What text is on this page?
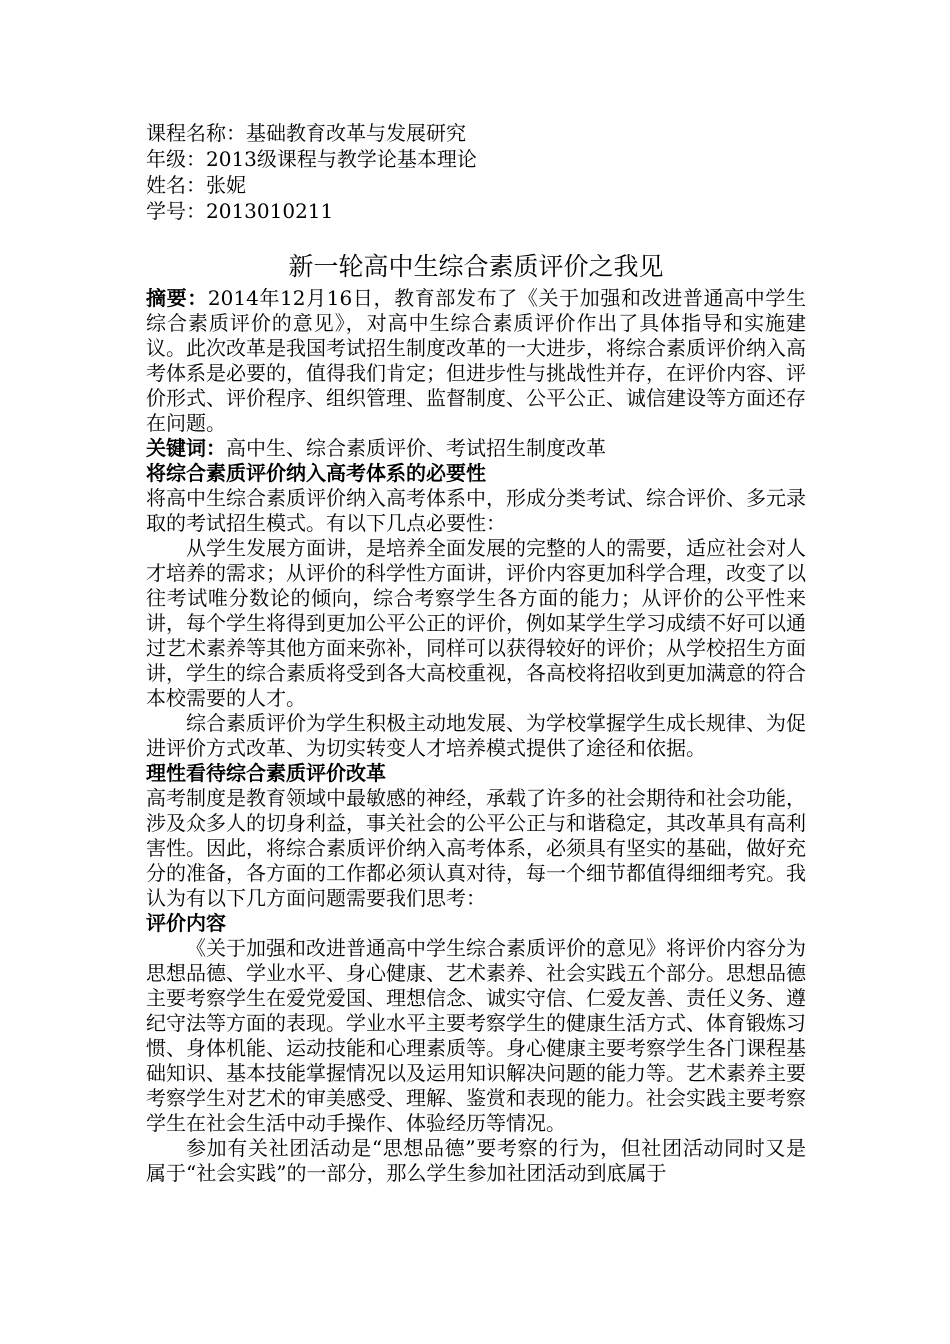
课程名称：基础教育改革与发展研究
年级：2013级课程与教学论基本理论
姓名：张妮
学号：2013010211
新一轮高中生综合素质评价之我见

摘要：2014年12月16日，教育部发布了《关于加强和改进普通高中学生综合素质评价的意见》，对高中生综合素质评价作出了具体指导和实施建议。此次改革是我国考试招生制度改革的一大进步，将综合素质评价纳入高考体系是必要的，值得我们肯定；但进步性与挑战性并存，在评价内容、评价形式、评价程序、组织管理、监督制度、公平公正、诚信建设等方面还存在问题。

关键词：高中生、综合素质评价、考试招生制度改革

将综合素质评价纳入高考体系的必要性

将高中生综合素质评价纳入高考体系中，形成分类考试、综合评价、多元录取的考试招生模式。有以下几点必要性：

从学生发展方面讲，是培养全面发展的完整的人的需要，适应社会对人才培养的需求；从评价的科学性方面讲，评价内容更加科学合理，改变了以往考试唯分数论的倾向，综合考察学生各方面的能力；从评价的公平性来讲，每个学生将得到更加公平公正的评价，例如某学生学习成绩不好可以通过艺术素养等其他方面来弥补，同样可以获得较好的评价；从学校招生方面讲，学生的综合素质将受到各大高校重视，各高校将招收到更加满意的符合本校需要的人才。

综合素质评价为学生积极主动地发展、为学校掌握学生成长规律、为促进评价方式改革、为切实转变人才培养模式提供了途径和依据。

理性看待综合素质评价改革

高考制度是教育领域中最敏感的神经，承载了许多的社会期待和社会功能，涉及众多人的切身利益，事关社会的公平公正与和谐稳定，其改革具有高利害性。因此，将综合素质评价纳入高考体系，必须具有坚实的基础，做好充分的准备，各方面的工作都必须认真对待，每一个细节都值得细细考究。我认为有以下几方面问题需要我们思考：

评价内容

《关于加强和改进普通高中学生综合素质评价的意见》将评价内容分为思想品德、学业水平、身心健康、艺术素养、社会实践五个部分。思想品德主要考察学生在爱党爱国、理想信念、诚实守信、仁爱友善、责任义务、遵纪守法等方面的表现。学业水平主要考察学生的健康生活方式、体育锻炼习惯、身体机能、运动技能和心理素质等。身心健康主要考察学生各门课程基础知识、基本技能掌握情况以及运用知识解决问题的能力等。艺术素养主要考察学生对艺术的审美感受、理解、鉴赏和表现的能力。社会实践主要考察学生在社会生活中动手操作、体验经历等情况。

参加有关社团活动是“思想品德”要考察的行为，但社团活动同时又是属于“社会实践”的一部分，那么学生参加社团活动到底属于
